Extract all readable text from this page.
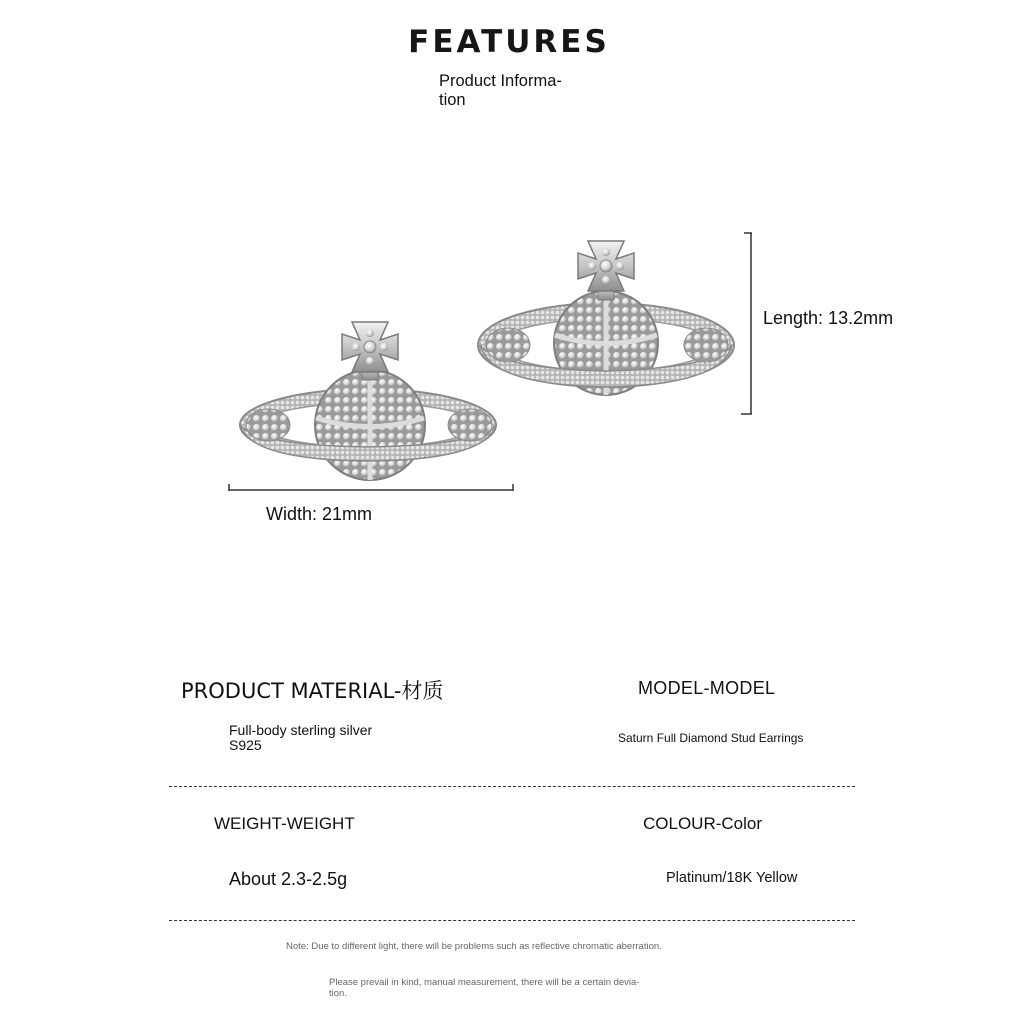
FEATURES
Product Informa-
tion
Width: 21mm
Length: 13.2mm
PRODUCT MATERIAL-材质
Full-body sterling silver
S925
MODEL-MODEL
Saturn Full Diamond Stud Earrings
WEIGHT-WEIGHT	COLOUR-Color
About 2.3-2.5g	Platinum/18K Yellow
Note: Due to different light, there will be problems such as reflective chromatic aberration.
Please prevail in kind, manual measurement, there will be a certain devia-
tion.
